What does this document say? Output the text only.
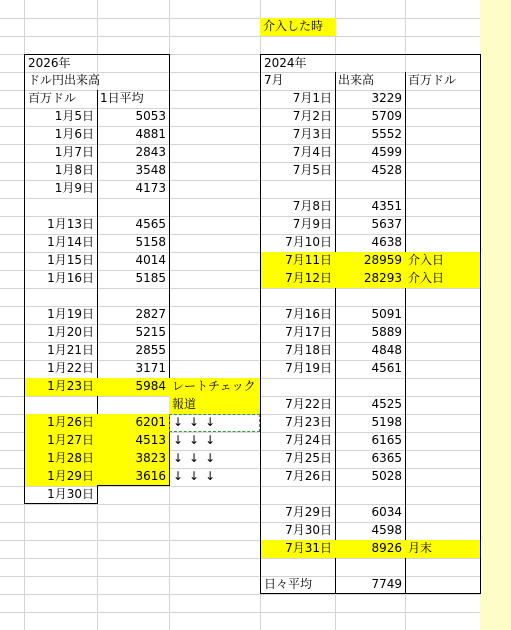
介入した時
2026年
ドル円出来高
百万ドル	1日平均
1月5日	5053
1月6日	4881
1月7日	2843
1月8日	3548
1月9日	4173
1月13日	4565
1月14日	5158
1月15日	4014
1月16日	5185
1月19日	2827
1月20日	5215
1月21日	2855
1月22日	3171
1月23日	5984 レートチェック
報道
1月26日	6201 ↓↓↓
1月27日	4513 ↓↓↓
1月28日	3823 ↓↓↓
1月29日	3616 ↓↓↓
1月30日
2024年
7月	出来高	百万ドル
7月1日	3229
7月2日	5709
7月3日	5552
7月4日	4599
7月5日	4528
7月8日	4351
7月9日	5637
7月10日	4638
7月11日	28959 介入日
7月12日	28293 介入日
7月16日	5091
7月17日	5889
7月18日	4848
7月19日	4561
7月22日	4525
7月23日	5198
7月24日	6165
7月25日	6365
7月26日	5028
7月29日	6034
7月30日	4598
7月31日	8926 月末
日々平均	7749
